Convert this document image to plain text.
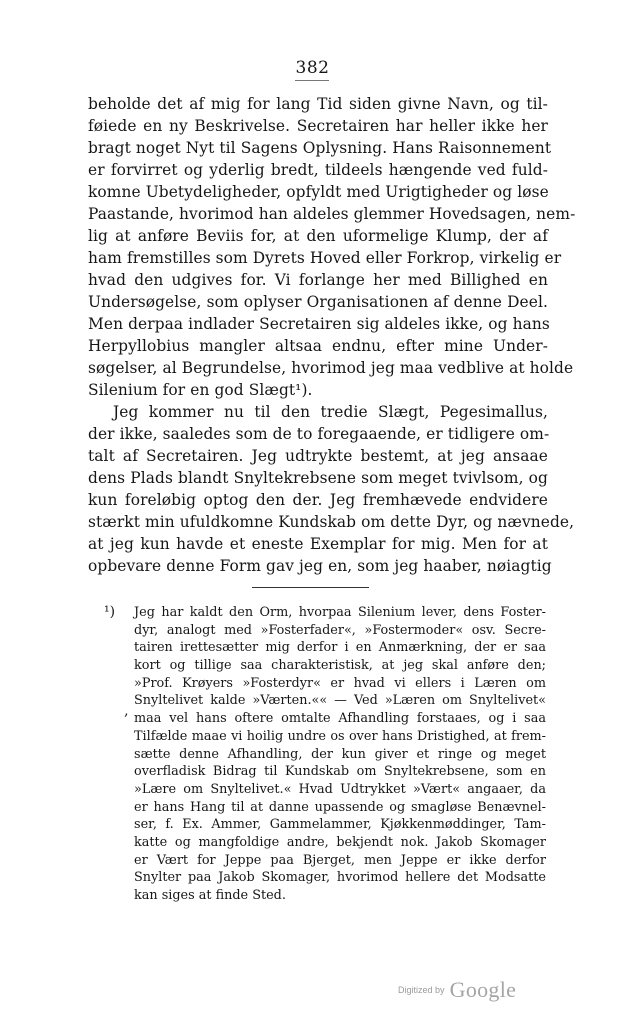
382
beholde det af mig for lang Tid siden givne Navn, og til-
føiede en ny Beskrivelse. Secretairen har heller ikke her
bragt noget Nyt til Sagens Oplysning. Hans Raisonnement
er forvirret og yderlig bredt, tildeels hængende ved fuld-
komne Ubetydeligheder, opfyldt med Urigtigheder og løse
Paastande, hvorimod han aldeles glemmer Hovedsagen, nem-
lig at anføre Beviis for, at den uformelige Klump, der af
ham fremstilles som Dyrets Hoved eller Forkrop, virkelig er
hvad den udgives for. Vi forlange her med Billighed en
Undersøgelse, som oplyser Organisationen af denne Deel.
Men derpaa indlader Secretairen sig aldeles ikke, og hans
Herpyllobius mangler altsaa endnu, efter mine Under-
søgelser, al Begrundelse, hvorimod jeg maa vedblive at holde
Silenium for en god Slægt¹).
Jeg kommer nu til den tredie Slægt, Pegesimallus,
der ikke, saaledes som de to foregaaende, er tidligere om-
talt af Secretairen. Jeg udtrykte bestemt, at jeg ansaae
dens Plads blandt Snyltekrebsene som meget tvivlsom, og
kun foreløbig optog den der. Jeg fremhævede endvidere
stærkt min ufuldkomne Kundskab om dette Dyr, og nævnede,
at jeg kun havde et eneste Exemplar for mig. Men for at
opbevare denne Form gav jeg en, som jeg haaber, nøiagtig
¹)
‚
Jeg har kaldt den Orm, hvorpaa Silenium lever, dens Foster-
dyr, analogt med »Fosterfader«, »Fostermoder« osv. Secre-
tairen irettesætter mig derfor i en Anmærkning, der er saa
kort og tillige saa charakteristisk, at jeg skal anføre den;
»Prof. Krøyers »Fosterdyr« er hvad vi ellers i Læren om
Snyltelivet kalde »Værten.«« — Ved »Læren om Snyltelivet«
maa vel hans oftere omtalte Afhandling forstaaes, og i saa
Tilfælde maae vi hoilig undre os over hans Dristighed, at frem-
sætte denne Afhandling, der kun giver et ringe og meget
overfladisk Bidrag til Kundskab om Snyltekrebsene, som en
»Lære om Snyltelivet.« Hvad Udtrykket »Vært« angaaer, da
er hans Hang til at danne upassende og smagløse Benævnel-
ser, f. Ex. Ammer, Gammelammer, Kjøkkenmøddinger, Tam-
katte og mangfoldige andre, bekjendt nok. Jakob Skomager
er Vært for Jeppe paa Bjerget, men Jeppe er ikke derfor
Snylter paa Jakob Skomager, hvorimod hellere det Modsatte
kan siges at finde Sted.
$^{Digitized by}$ Google
